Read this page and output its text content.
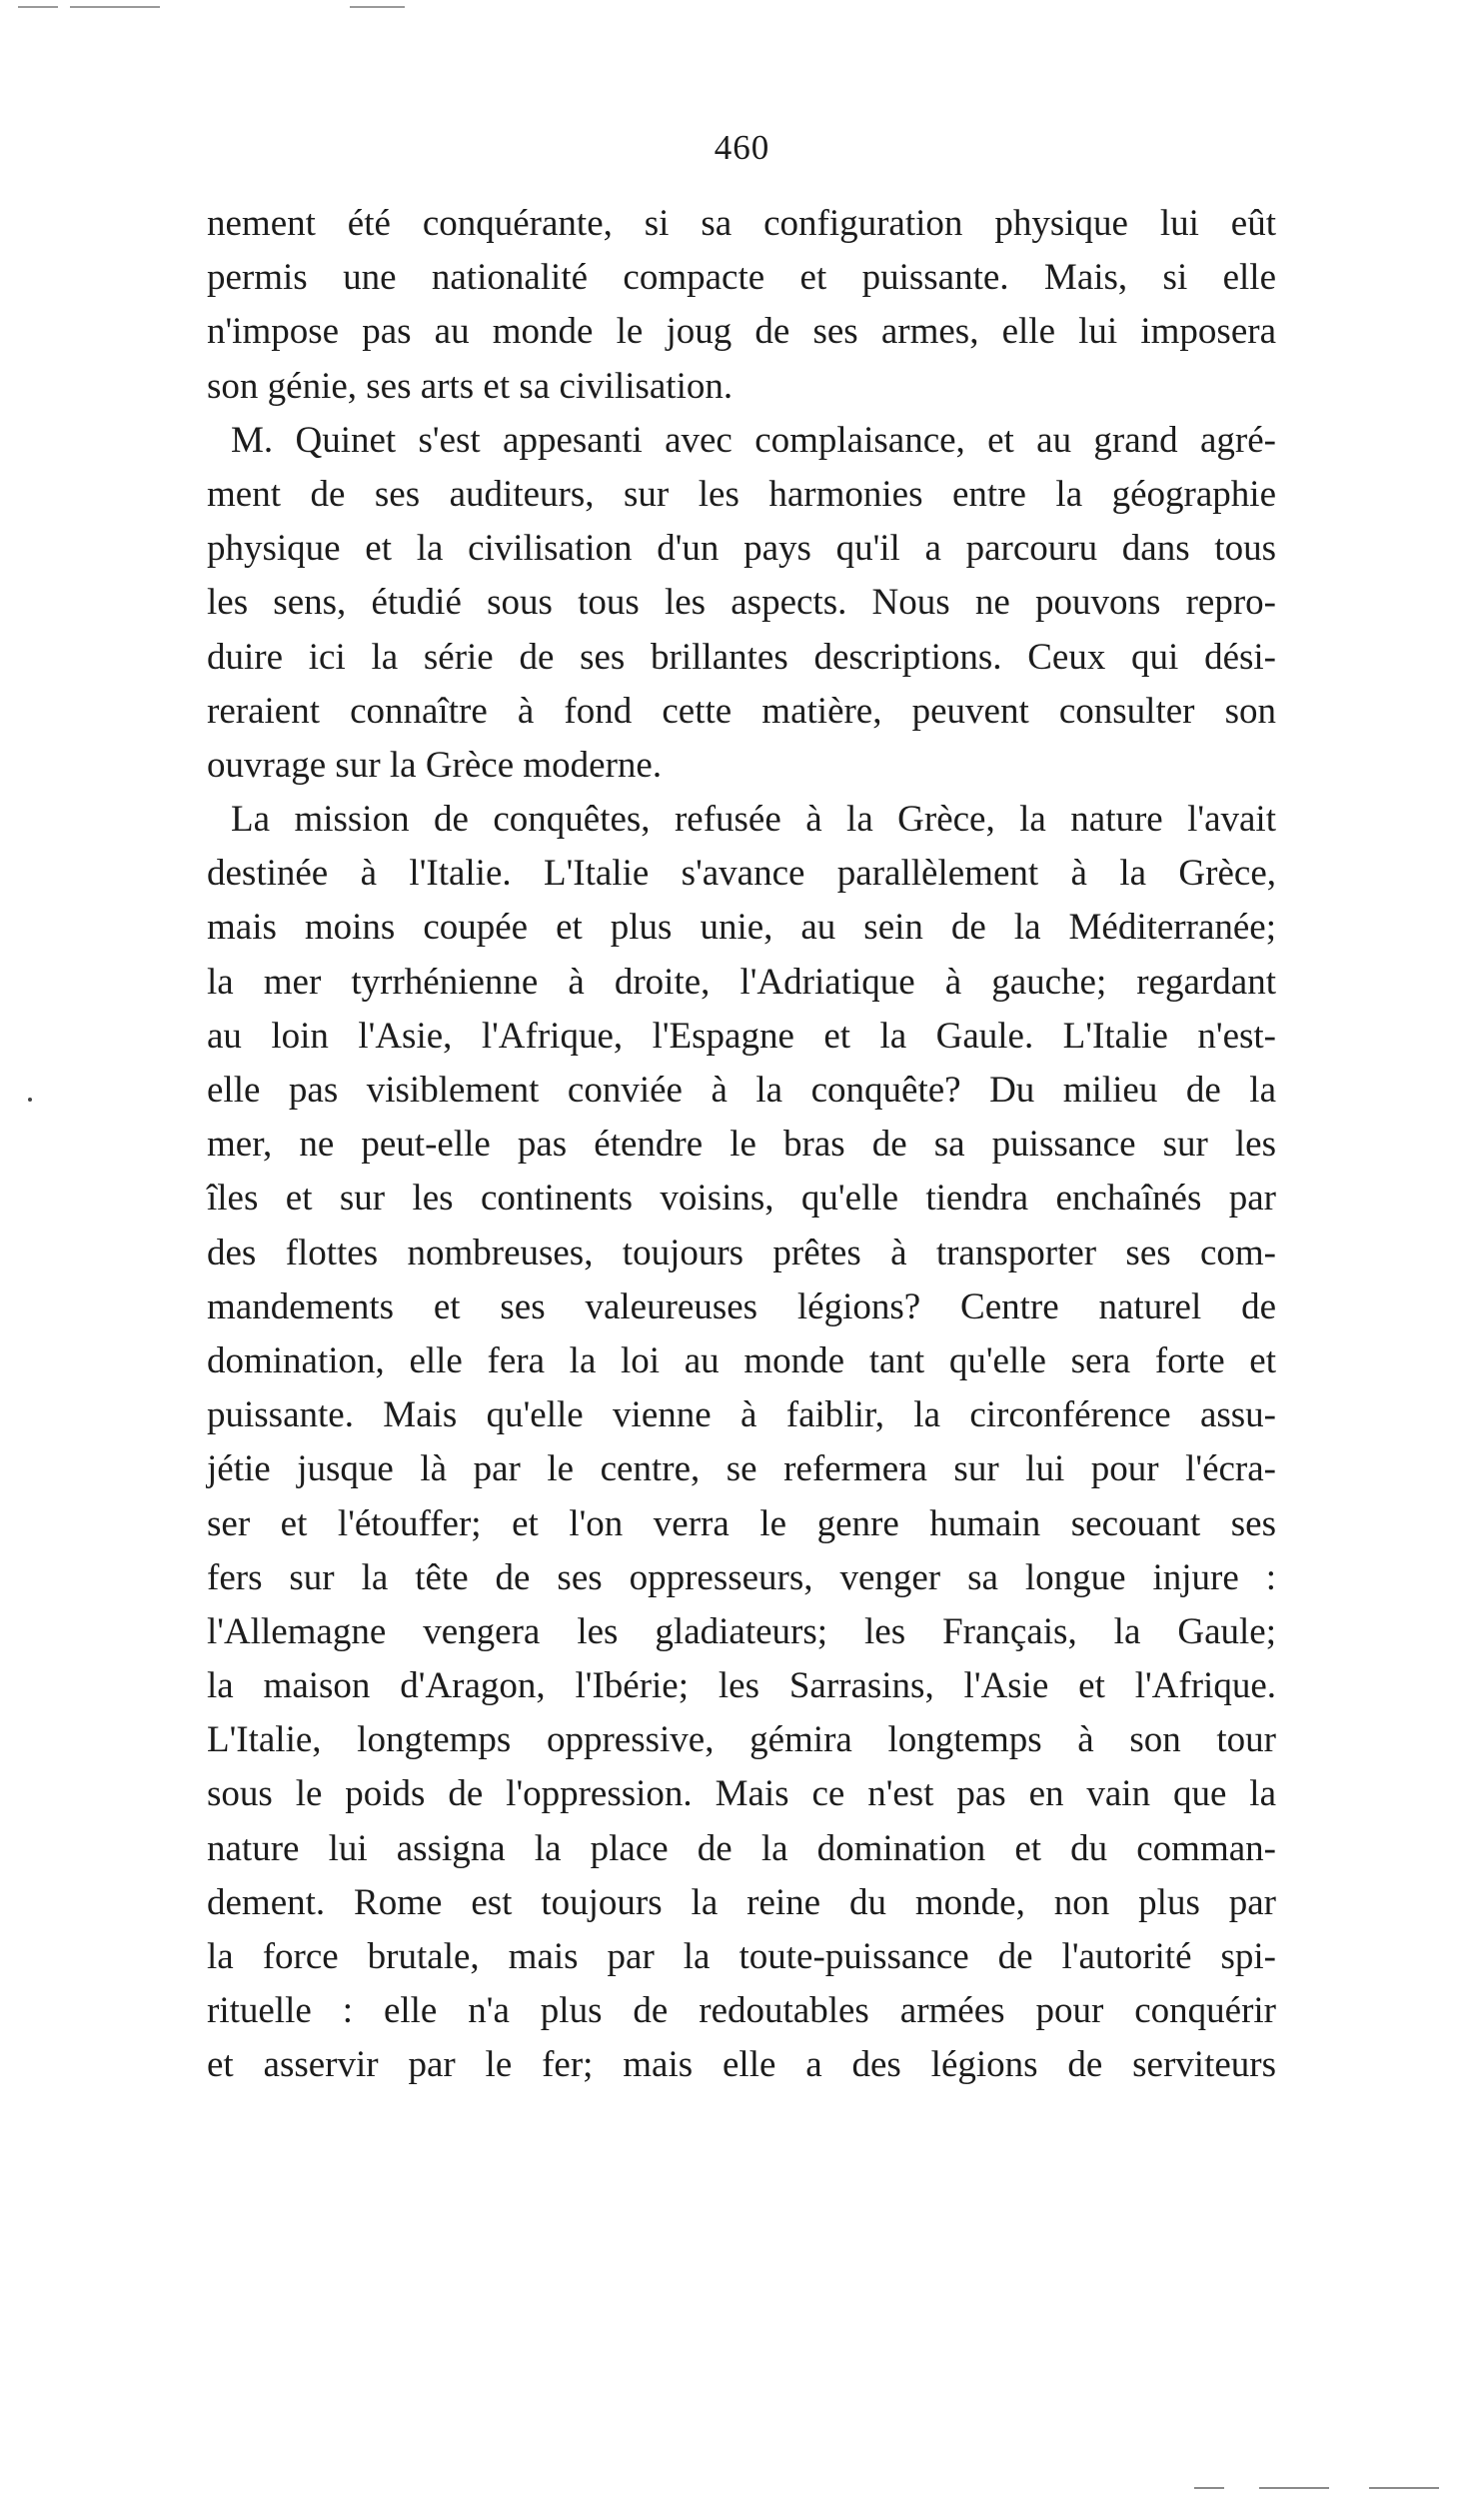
460
nement été conquérante, si sa configuration physique lui eût
permis une nationalité compacte et puissante. Mais, si elle
n'impose pas au monde le joug de ses armes, elle lui imposera
son génie, ses arts et sa civilisation.
M. Quinet s'est appesanti avec complaisance, et au grand agré-
ment de ses auditeurs, sur les harmonies entre la géographie
physique et la civilisation d'un pays qu'il a parcouru dans tous
les sens, étudié sous tous les aspects. Nous ne pouvons repro-
duire ici la série de ses brillantes descriptions. Ceux qui dési-
reraient connaître à fond cette matière, peuvent consulter son
ouvrage sur la Grèce moderne.
La mission de conquêtes, refusée à la Grèce, la nature l'avait
destinée à l'Italie. L'Italie s'avance parallèlement à la Grèce,
mais moins coupée et plus unie, au sein de la Méditerranée;
la mer tyrrhénienne à droite, l'Adriatique à gauche; regardant
au loin l'Asie, l'Afrique, l'Espagne et la Gaule. L'Italie n'est-
elle pas visiblement conviée à la conquête? Du milieu de la
mer, ne peut-elle pas étendre le bras de sa puissance sur les
îles et sur les continents voisins, qu'elle tiendra enchaînés par
des flottes nombreuses, toujours prêtes à transporter ses com-
mandements et ses valeureuses légions? Centre naturel de
domination, elle fera la loi au monde tant qu'elle sera forte et
puissante. Mais qu'elle vienne à faiblir, la circonférence assu-
jétie jusque là par le centre, se refermera sur lui pour l'écra-
ser et l'étouffer; et l'on verra le genre humain secouant ses
fers sur la tête de ses oppresseurs, venger sa longue injure :
l'Allemagne vengera les gladiateurs; les Français, la Gaule;
la maison d'Aragon, l'Ibérie; les Sarrasins, l'Asie et l'Afrique.
L'Italie, longtemps oppressive, gémira longtemps à son tour
sous le poids de l'oppression. Mais ce n'est pas en vain que la
nature lui assigna la place de la domination et du comman-
dement. Rome est toujours la reine du monde, non plus par
la force brutale, mais par la toute-puissance de l'autorité spi-
rituelle : elle n'a plus de redoutables armées pour conquérir
et asservir par le fer; mais elle a des légions de serviteurs
